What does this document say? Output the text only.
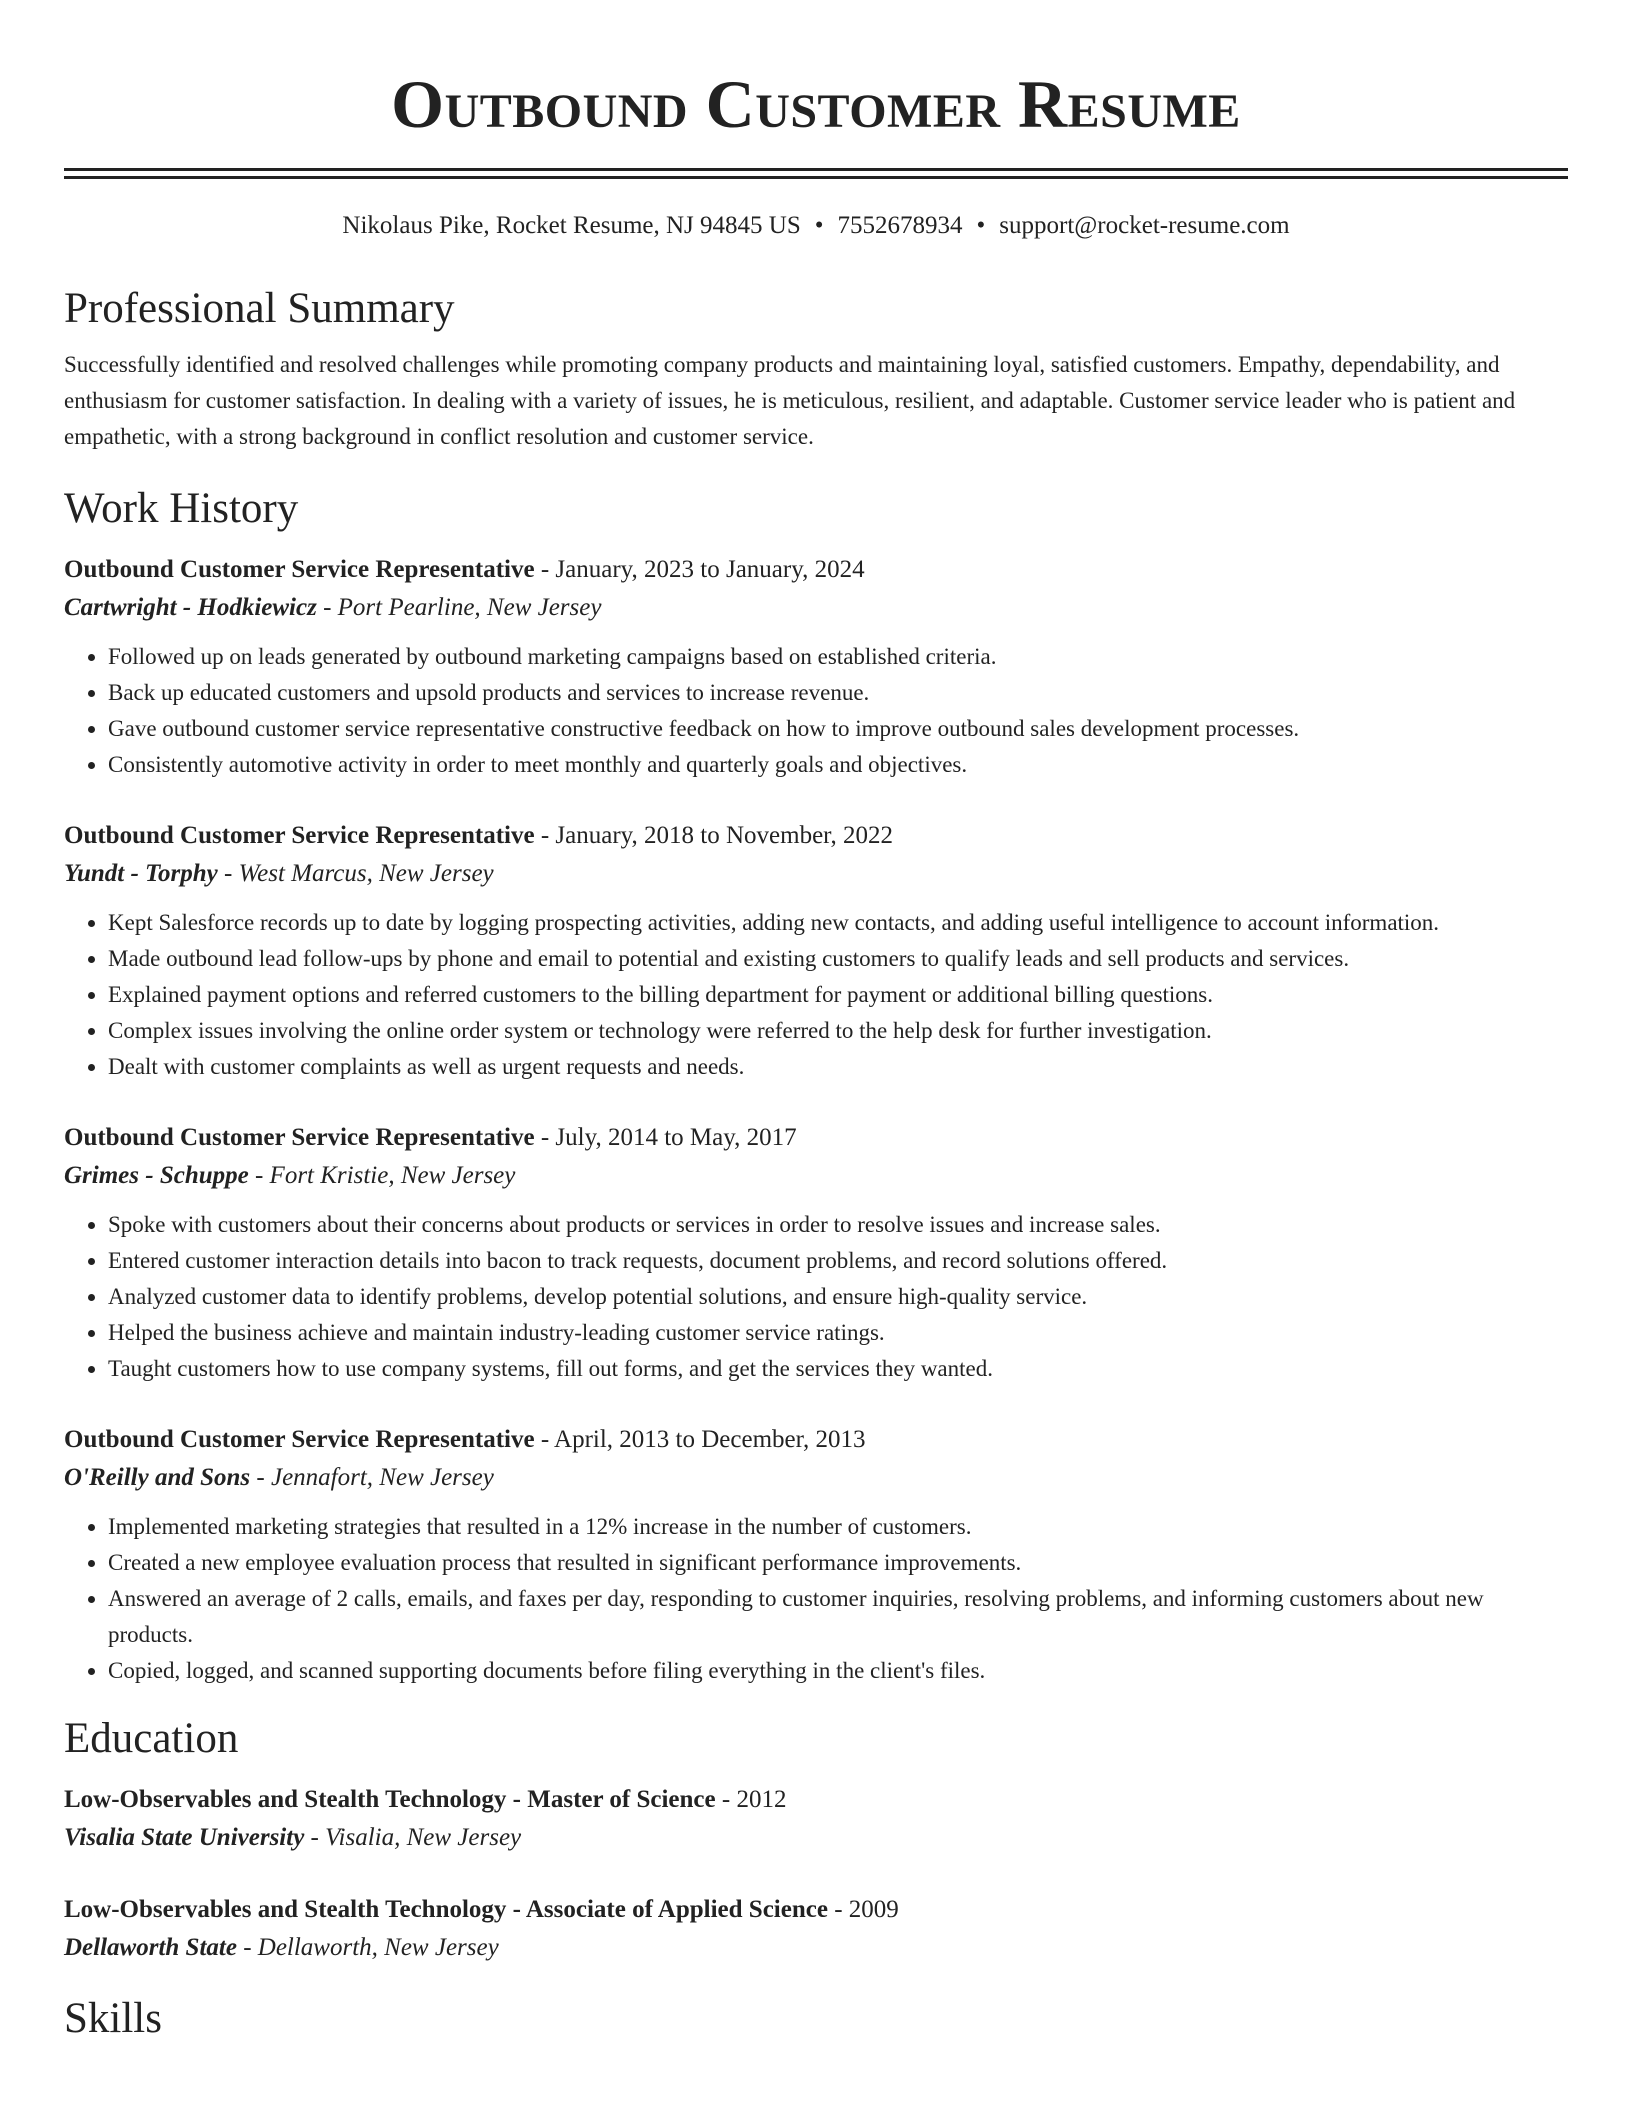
Outbound Customer Resume
Nikolaus Pike, Rocket Resume, NJ 94845 US • 7552678934 • support@rocket-resume.com
Professional Summary
Successfully identified and resolved challenges while promoting company products and maintaining loyal, satisfied customers. Empathy, dependability, and enthusiasm for customer satisfaction. In dealing with a variety of issues, he is meticulous, resilient, and adaptable. Customer service leader who is patient and empathetic, with a strong background in conflict resolution and customer service.
Work History
Outbound Customer Service Representative - January, 2023 to January, 2024
Cartwright - Hodkiewicz - Port Pearline, New Jersey
• Followed up on leads generated by outbound marketing campaigns based on established criteria.
• Back up educated customers and upsold products and services to increase revenue.
• Gave outbound customer service representative constructive feedback on how to improve outbound sales development processes.
• Consistently automotive activity in order to meet monthly and quarterly goals and objectives.
Outbound Customer Service Representative - January, 2018 to November, 2022
Yundt - Torphy - West Marcus, New Jersey
• Kept Salesforce records up to date by logging prospecting activities, adding new contacts, and adding useful intelligence to account information.
• Made outbound lead follow-ups by phone and email to potential and existing customers to qualify leads and sell products and services.
• Explained payment options and referred customers to the billing department for payment or additional billing questions.
• Complex issues involving the online order system or technology were referred to the help desk for further investigation.
• Dealt with customer complaints as well as urgent requests and needs.
Outbound Customer Service Representative - July, 2014 to May, 2017
Grimes - Schuppe - Fort Kristie, New Jersey
• Spoke with customers about their concerns about products or services in order to resolve issues and increase sales.
• Entered customer interaction details into bacon to track requests, document problems, and record solutions offered.
• Analyzed customer data to identify problems, develop potential solutions, and ensure high-quality service.
• Helped the business achieve and maintain industry-leading customer service ratings.
• Taught customers how to use company systems, fill out forms, and get the services they wanted.
Outbound Customer Service Representative - April, 2013 to December, 2013
O'Reilly and Sons - Jennafort, New Jersey
• Implemented marketing strategies that resulted in a 12% increase in the number of customers.
• Created a new employee evaluation process that resulted in significant performance improvements.
• Answered an average of 2 calls, emails, and faxes per day, responding to customer inquiries, resolving problems, and informing customers about new products.
• Copied, logged, and scanned supporting documents before filing everything in the client's files.
Education
Low-Observables and Stealth Technology - Master of Science - 2012
Visalia State University - Visalia, New Jersey
Low-Observables and Stealth Technology - Associate of Applied Science - 2009
Dellaworth State - Dellaworth, New Jersey
Skills
